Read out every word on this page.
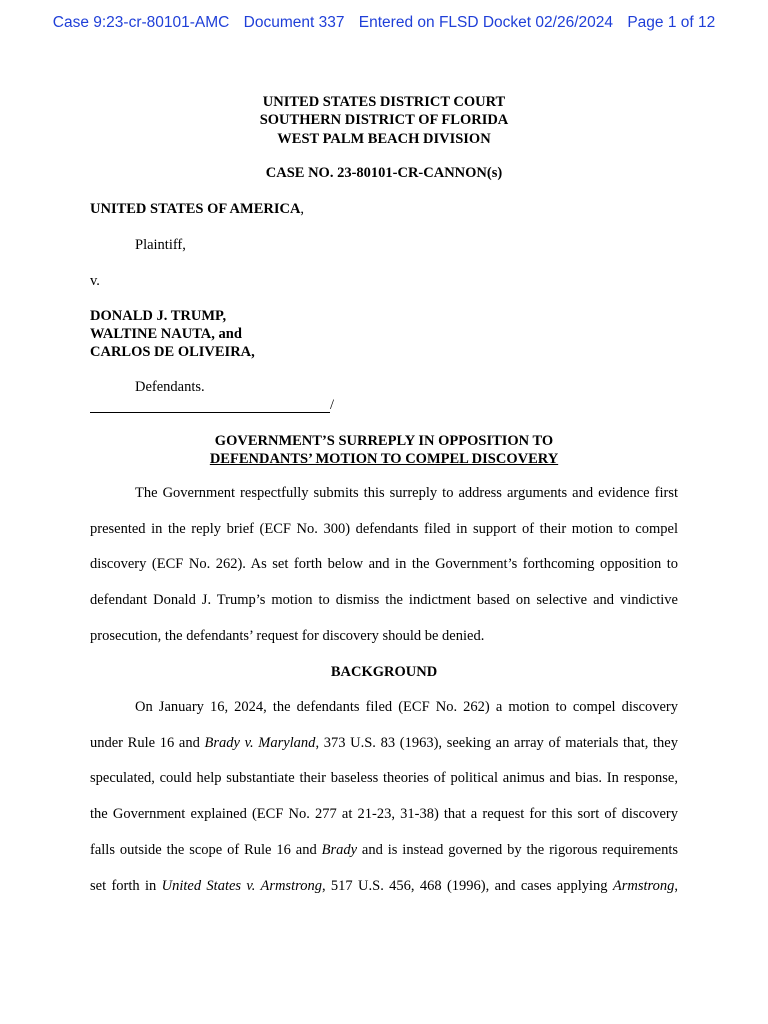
Case 9:23-cr-80101-AMC Document 337 Entered on FLSD Docket 02/26/2024 Page 1 of 12
UNITED STATES DISTRICT COURT
SOUTHERN DISTRICT OF FLORIDA
WEST PALM BEACH DIVISION
CASE NO. 23-80101-CR-CANNON(s)
UNITED STATES OF AMERICA,
Plaintiff,
v.
DONALD J. TRUMP,
WALTINE NAUTA, and
CARLOS DE OLIVEIRA,
Defendants.
/
GOVERNMENT’S SURREPLY IN OPPOSITION TO
DEFENDANTS’ MOTION TO COMPEL DISCOVERY
The Government respectfully submits this surreply to address arguments and evidence first
presented in the reply brief (ECF No. 300) defendants filed in support of their motion to compel
discovery (ECF No. 262). As set forth below and in the Government’s forthcoming opposition to
defendant Donald J. Trump’s motion to dismiss the indictment based on selective and vindictive
prosecution, the defendants’ request for discovery should be denied.
BACKGROUND
On January 16, 2024, the defendants filed (ECF No. 262) a motion to compel discovery
under Rule 16 and Brady v. Maryland, 373 U.S. 83 (1963), seeking an array of materials that, they
speculated, could help substantiate their baseless theories of political animus and bias. In response,
the Government explained (ECF No. 277 at 21-23, 31-38) that a request for this sort of discovery
falls outside the scope of Rule 16 and Brady and is instead governed by the rigorous requirements
set forth in United States v. Armstrong, 517 U.S. 456, 468 (1996), and cases applying Armstrong,
